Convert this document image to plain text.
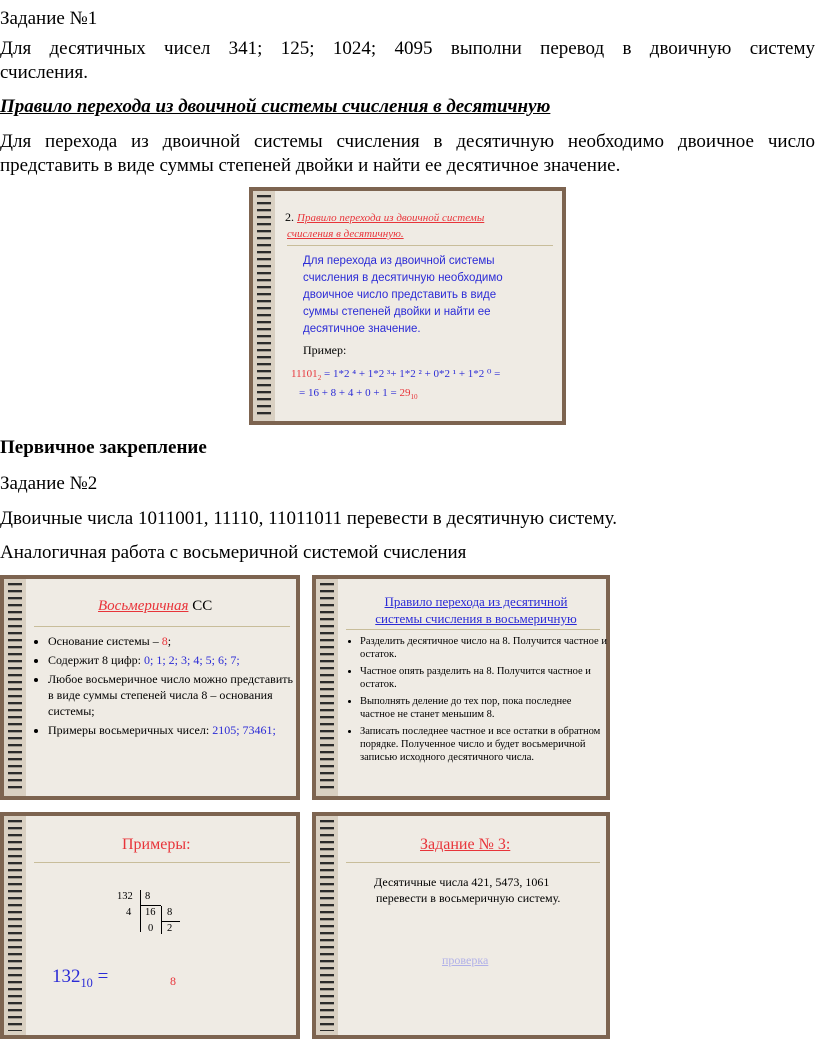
Задание №1
Для десятичных чисел 341; 125; 1024; 4095 выполни перевод в двоичную систему
счисления.
Правило перехода из двоичной системы счисления в десятичную
Для перехода из двоичной системы счисления в десятичную необходимо двоичное число
представить в виде суммы степеней двойки и найти ее десятичное значение.
2. Правило перехода из двоичной системы
счисления в десятичную.
Для перехода из двоичной системы
счисления в десятичную необходимо
двоичное число представить в виде
суммы степеней двойки и найти ее
десятичное значение.
Пример:
$11101_2 = 1*2$ ⁴ + 1*2 ³+ 1*2 ² + 0*2 ¹ + 1*2 ⁰ =
= $16 + 8 + 4 + 0 + 1 = 29_{10}$
Первичное закрепление
Задание №2
Двоичные числа 1011001, 11110, 11011011 перевести в десятичную систему.
Аналогичная работа с восьмеричной системой счисления
Восьмеричная СС
• Основание системы – 8;
• Содержит 8 цифр: 0; 1; 2; 3; 4; 5; 6; 7;
• Любое восьмеричное число можно представить в виде суммы степеней числа 8 – основания системы;
• Примеры восьмеричных чисел: 2105; 73461;
Правило перехода из десятичной
системы счисления в восьмеричную
• Разделить десятичное число на 8. Получится частное и остаток.
• Частное опять разделить на 8. Получится частное и остаток.
• Выполнять деление до тех пор, пока последнее частное не станет меньшим 8.
• Записать последнее частное и все остатки в обратном порядке. Полученное число и будет восьмеричной записью исходного десятичного числа.
Примеры:
132 8
4 16 8
0 2
$132_{10}$ =	8
Задание № 3:
Десятичные числа 421, 5473, 1061
перевести в восьмеричную систему.
проверка
